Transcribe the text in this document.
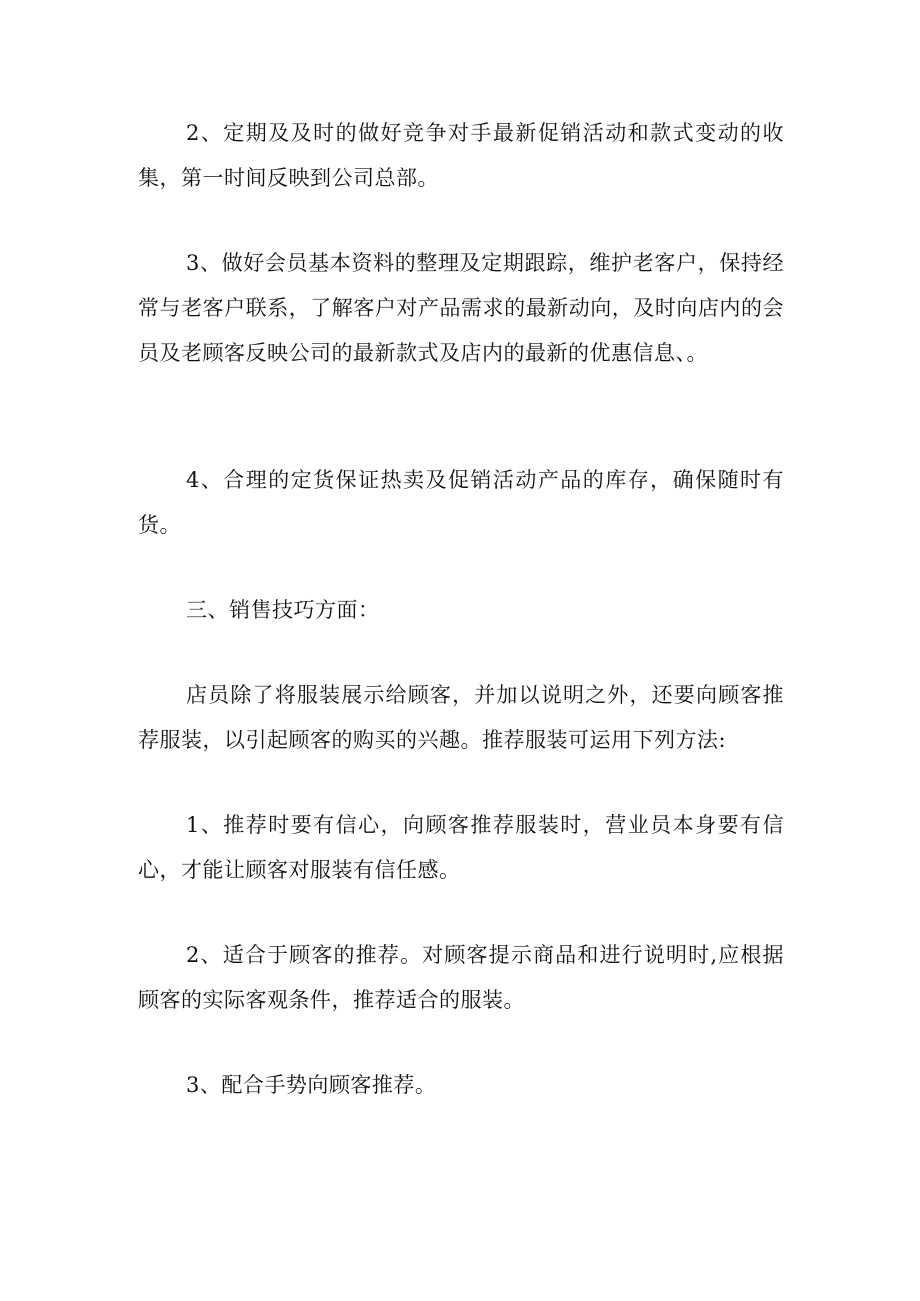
2、定期及及时的做好竞争对手最新促销活动和款式变动的收集，第一时间反映到公司总部。

3、做好会员基本资料的整理及定期跟踪，维护老客户，保持经常与老客户联系，了解客户对产品需求的最新动向，及时向店内的会员及老顾客反映公司的最新款式及店内的最新的优惠信息、。

4、合理的定货保证热卖及促销活动产品的库存，确保随时有货。

三、销售技巧方面：

店员除了将服装展示给顾客，并加以说明之外，还要向顾客推荐服装，以引起顾客的购买的兴趣。推荐服装可运用下列方法:

1、推荐时要有信心，向顾客推荐服装时，营业员本身要有信心，才能让顾客对服装有信任感。

2、适合于顾客的推荐。对顾客提示商品和进行说明时,应根据顾客的实际客观条件，推荐适合的服装。

3、配合手势向顾客推荐。
